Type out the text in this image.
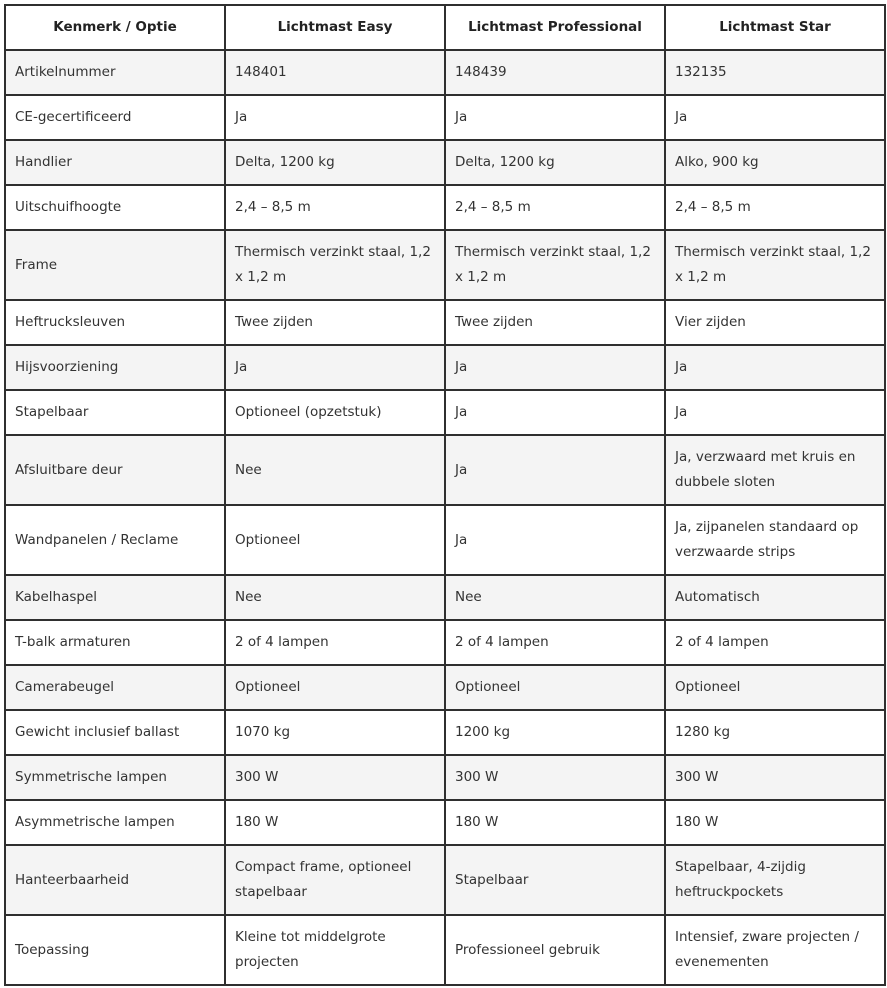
Kenmerk / Optie	Lichtmast Easy	Lichtmast Professional	Lichtmast Star
Artikelnummer	148401	148439	132135
CE-gecertificeerd	Ja	Ja	Ja
Handlier	Delta, 1200 kg	Delta, 1200 kg	Alko, 900 kg
Uitschuifhoogte	2,4 – 8,5 m	2,4 – 8,5 m	2,4 – 8,5 m
Frame	Thermisch verzinkt staal, 1,2 x 1,2 m	Thermisch verzinkt staal, 1,2 x 1,2 m	Thermisch verzinkt staal, 1,2 x 1,2 m
Heftrucksleuven	Twee zijden	Twee zijden	Vier zijden
Hijsvoorziening	Ja	Ja	Ja
Stapelbaar	Optioneel (opzetstuk)	Ja	Ja
Afsluitbare deur	Nee	Ja	Ja, verzwaard met kruis en dubbele sloten
Wandpanelen / Reclame	Optioneel	Ja	Ja, zijpanelen standaard op verzwaarde strips
Kabelhaspel	Nee	Nee	Automatisch
T-balk armaturen	2 of 4 lampen	2 of 4 lampen	2 of 4 lampen
Camerabeugel	Optioneel	Optioneel	Optioneel
Gewicht inclusief ballast	1070 kg	1200 kg	1280 kg
Symmetrische lampen	300 W	300 W	300 W
Asymmetrische lampen	180 W	180 W	180 W
Hanteerbaarheid	Compact frame, optioneel stapelbaar	Stapelbaar	Stapelbaar, 4-zijdig heftruckpockets
Toepassing	Kleine tot middelgrote projecten	Professioneel gebruik	Intensief, zware projecten / evenementen
